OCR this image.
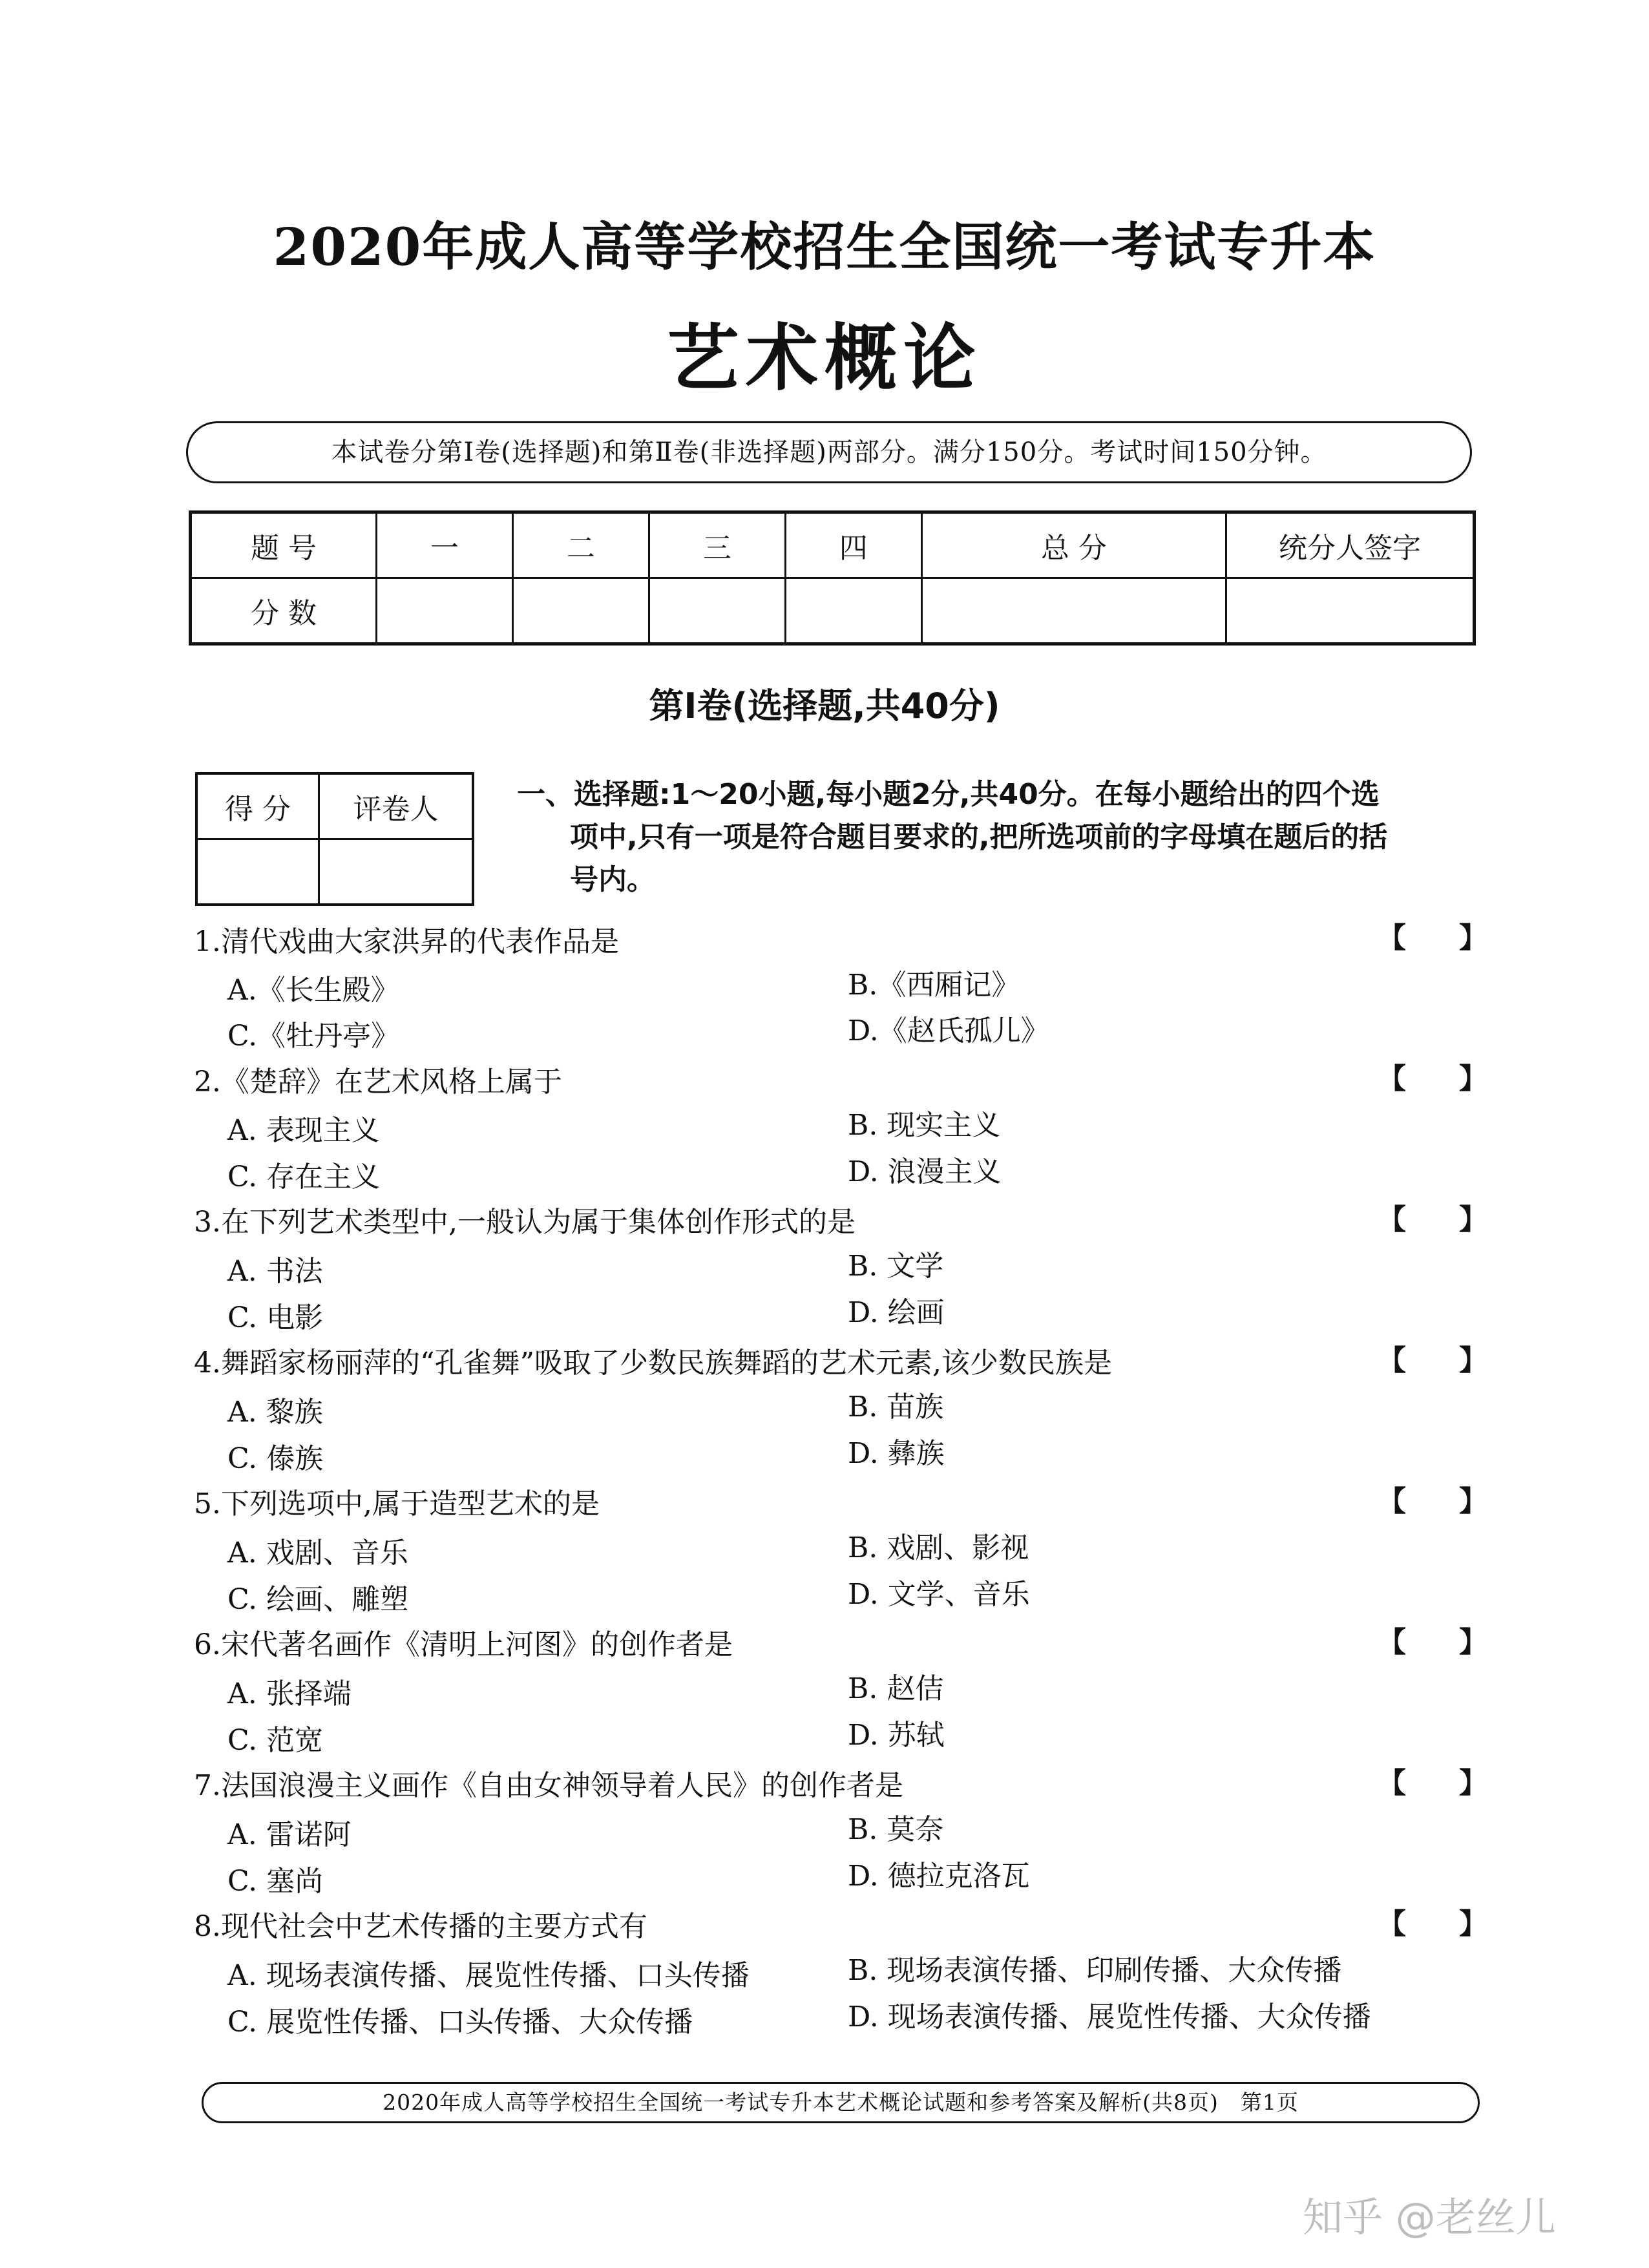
2020年成人高等学校招生全国统一考试专升本
艺术概论
本试卷分第Ⅰ卷(选择题)和第Ⅱ卷(非选择题)两部分。满分150分。考试时间150分钟。
题 号	一	二	三	四	总 分	统分人签字
分 数						
第Ⅰ卷(选择题,共40分)
得 分	评卷人
		一、选择题:1～20小题,每小题2分,共40分。在每小题给出的四个选
项中,只有一项是符合题目要求的,把所选项前的字母填在题后的括
号内。
1.清代戏曲大家洪昇的代表作品是	【 】
A.《长生殿》	B.《西厢记》
C.《牡丹亭》	D.《赵氏孤儿》
2.《楚辞》在艺术风格上属于	【 】
A. 表现主义	B. 现实主义
C. 存在主义	D. 浪漫主义
3.在下列艺术类型中,一般认为属于集体创作形式的是	【 】
A. 书法	B. 文学
C. 电影	D. 绘画
4.舞蹈家杨丽萍的“孔雀舞”吸取了少数民族舞蹈的艺术元素,该少数民族是	【 】
A. 黎族	B. 苗族
C. 傣族	D. 彝族
5.下列选项中,属于造型艺术的是	【 】
A. 戏剧、音乐	B. 戏剧、影视
C. 绘画、雕塑	D. 文学、音乐
6.宋代著名画作《清明上河图》的创作者是	【 】
A. 张择端	B. 赵佶
C. 范宽	D. 苏轼
7.法国浪漫主义画作《自由女神领导着人民》的创作者是	【 】
A. 雷诺阿	B. 莫奈
C. 塞尚	D. 德拉克洛瓦
8.现代社会中艺术传播的主要方式有	【 】
A. 现场表演传播、展览性传播、口头传播	B. 现场表演传播、印刷传播、大众传播
C. 展览性传播、口头传播、大众传播	D. 现场表演传播、展览性传播、大众传播
2020年成人高等学校招生全国统一考试专升本艺术概论试题和参考答案及解析(共8页)　第1页
知乎 @老丝儿
